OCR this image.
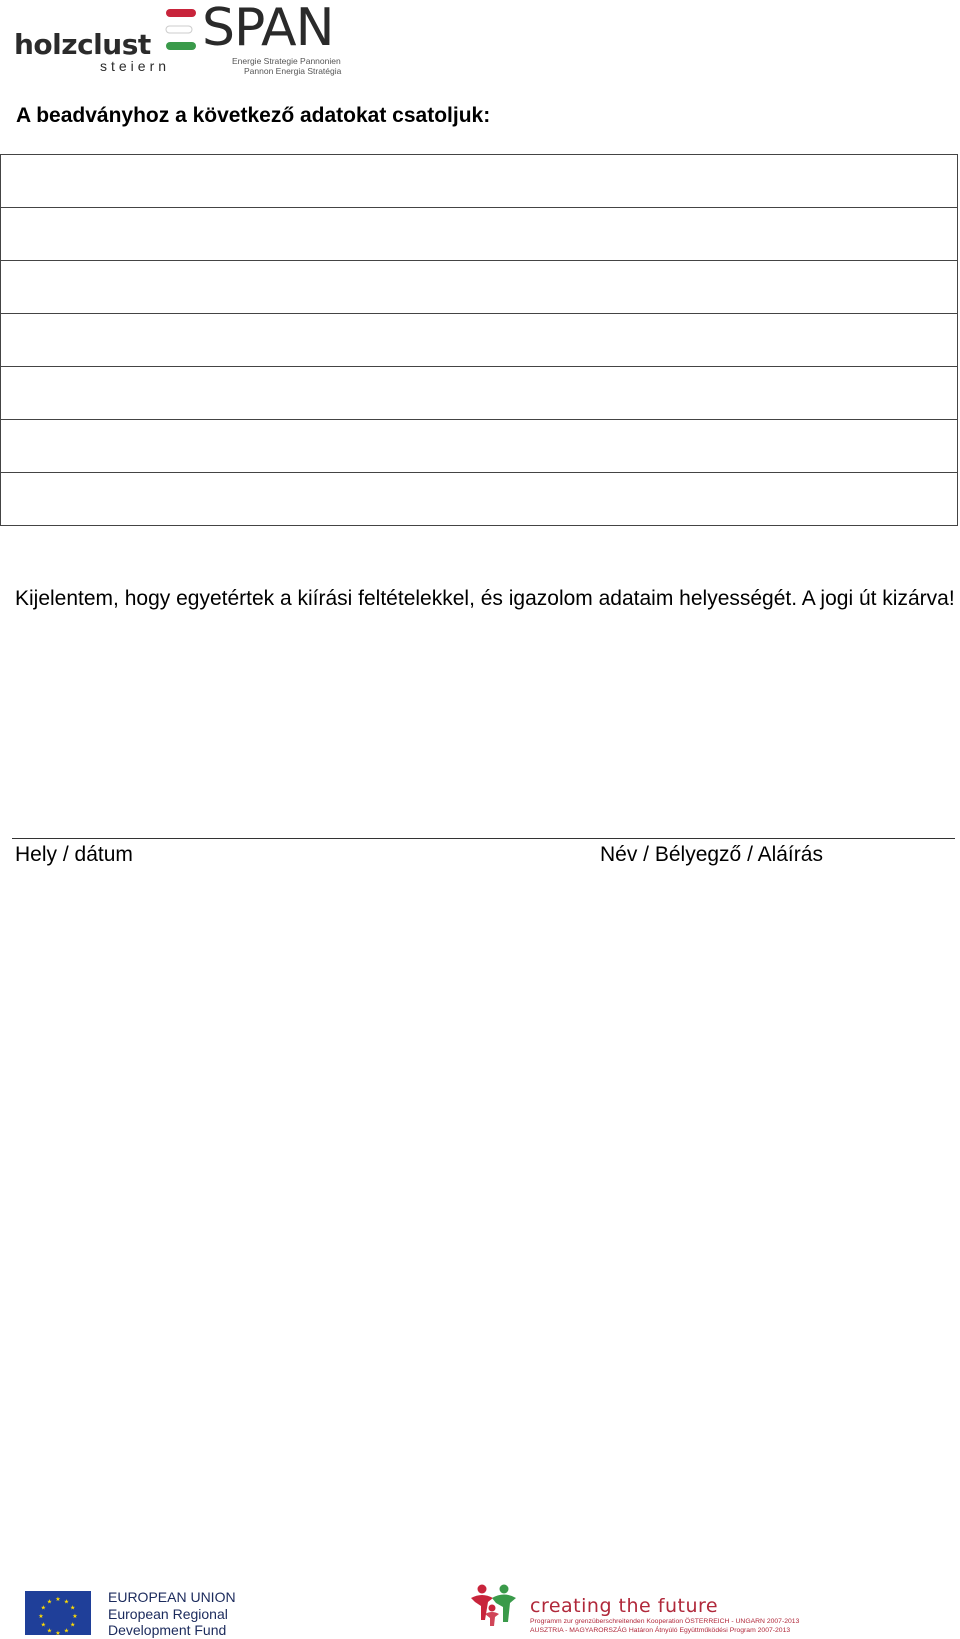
holzclust
steiern
SPAN
Energie Strategie Pannonien
Pannon Energia Stratégia
A beadványhoz a következő adatokat csatoljuk:

Kijelentem, hogy egyetértek a kiírási feltételekkel, és igazolom adataim helyességét. A jogi út kizárva!
Hely / dátum	Név / Bélyegző / Aláírás
★ ★
★
★
★
★
★
★
★
★
★
★	EUROPEAN UNION
European Regional
Development Fund
creating the future
Programm zur grenzüberschreitenden Kooperation ÖSTERREICH - UNGARN 2007-2013
AUSZTRIA - MAGYARORSZÁG Határon Átnyúló Együttműködési Program 2007-2013
